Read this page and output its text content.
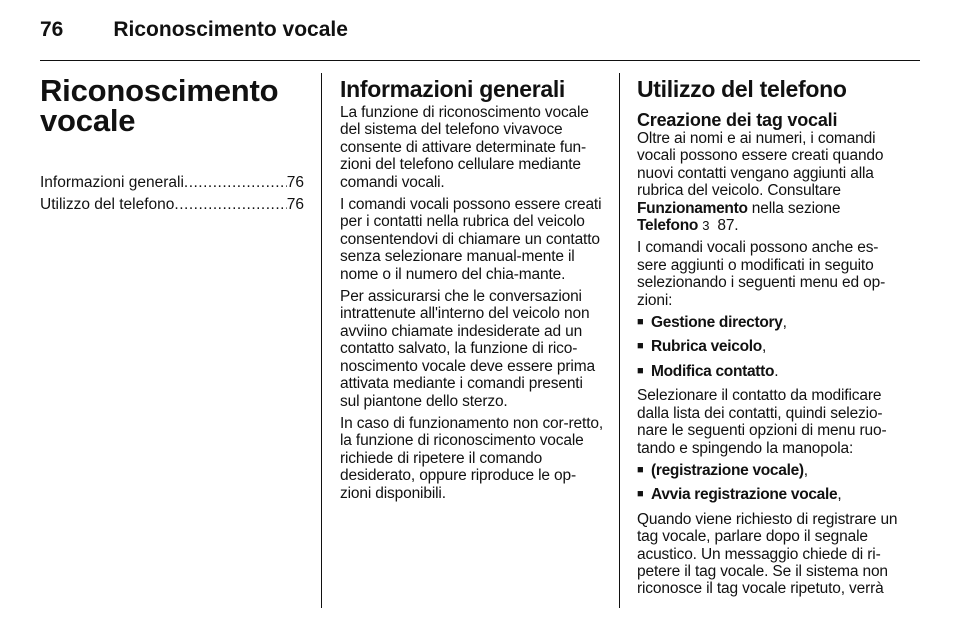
76 Riconoscimento vocale
Riconoscimento
vocale
Informazioni generali .....	76
Utilizzo del telefono .....	76
Informazioni generali

La funzione di riconoscimento vocale del sistema del telefono vivavoce consente di attivare determinate fun-zioni del telefono cellulare mediante comandi vocali.

I comandi vocali possono essere creati per i contatti nella rubrica del veicolo consentendovi di chiamare un contatto senza selezionare manual-mente il nome o il numero del chia-mante.

Per assicurarsi che le conversazioni intrattenute all'interno del veicolo non avviino chiamate indesiderate ad un contatto salvato, la funzione di rico-noscimento vocale deve essere prima attivata mediante i comandi presenti sul piantone dello sterzo.

In caso di funzionamento non cor-retto, la funzione di riconoscimento vocale richiede di ripetere il comando desiderato, oppure riproduce le op-zioni disponibili.

Utilizzo del telefono
Creazione dei tag vocali

Oltre ai nomi e ai numeri, i comandi vocali possono essere creati quando nuovi contatti vengano aggiunti alla rubrica del veicolo. Consultare Funzionamento nella sezione
Telefono 3 87.

I comandi vocali possono anche es-sere aggiunti o modificati in seguito selezionando i seguenti menu ed op-zioni:

■ Gestione directory,
■ Rubrica veicolo,
■ Modifica contatto.

Selezionare il contatto da modificare dalla lista dei contatti, quindi selezio-nare le seguenti opzioni di menu ruo-tando e spingendo la manopola:

■ (registrazione vocale),
■ Avvia registrazione vocale,

Quando viene richiesto di registrare un tag vocale, parlare dopo il segnale acustico. Un messaggio chiede di ri-petere il tag vocale. Se il sistema non riconosce il tag vocale ripetuto, verrà
